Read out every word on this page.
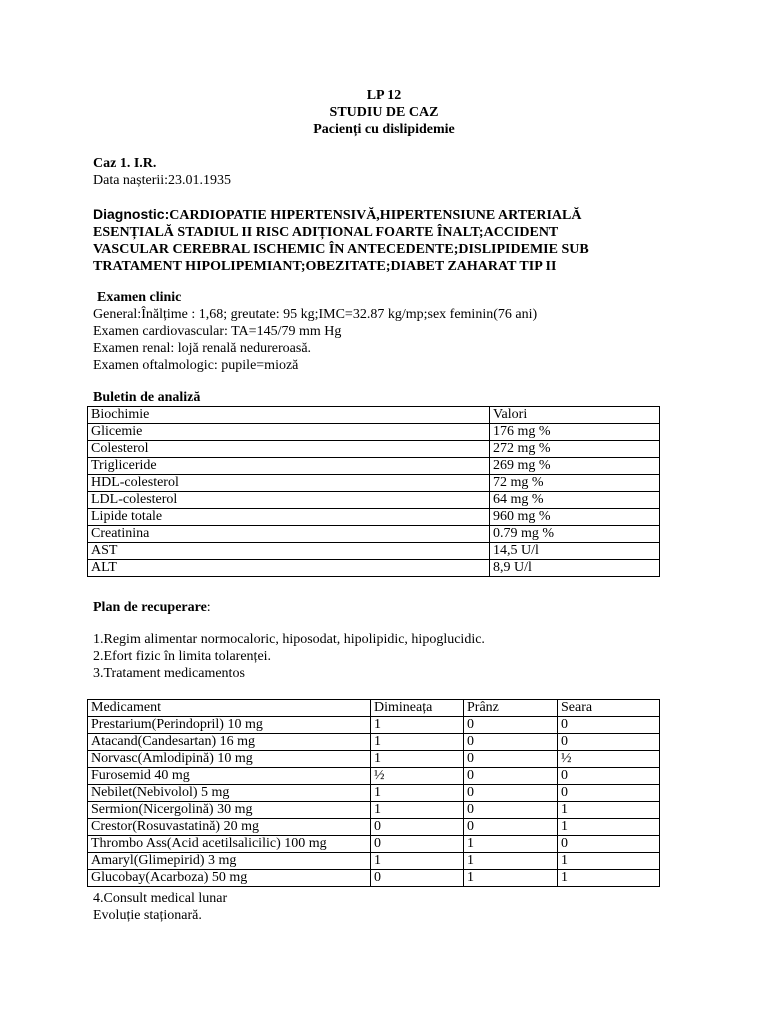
LP 12
STUDIU DE CAZ
Pacienți cu dislipidemie
Caz 1. I.R.
Data nașterii:23.01.1935
Diagnostic:CARDIOPATIE HIPERTENSIVĂ,HIPERTENSIUNE ARTERIALĂ
ESENȚIALĂ STADIUL II RISC ADIȚIONAL FOARTE ÎNALT;ACCIDENT
VASCULAR CEREBRAL ISCHEMIC ÎN ANTECEDENTE;DISLIPIDEMIE SUB
TRATAMENT HIPOLIPEMIANT;OBEZITATE;DIABET ZAHARAT TIP II
Examen clinic
General:Înălțime : 1,68; greutate: 95 kg;IMC=32.87 kg/mp;sex feminin(76 ani)
Examen cardiovascular: TA=145/79 mm Hg
Examen renal: lojă renală nedureroasă.
Examen oftalmologic: pupile=mioză
Buletin de analiză
Biochimie	Valori
Glicemie	176 mg %
Colesterol	272 mg %
Trigliceride	269 mg %
HDL-colesterol	72 mg %
LDL-colesterol	64 mg %
Lipide totale	960 mg %
Creatinina	0.79 mg %
AST	14,5 U/l
ALT	8,9 U/l
Plan de recuperare:
1.Regim alimentar normocaloric, hiposodat, hipolipidic, hipoglucidic.
2.Efort fizic în limita tolarenței.
3.Tratament medicamentos
Medicament	Dimineața	Prânz	Seara
Prestarium(Perindopril) 10 mg	1	0	0
Atacand(Candesartan) 16 mg	1	0	0
Norvasc(Amlodipină) 10 mg	1	0	½
Furosemid 40 mg	½	0	0
Nebilet(Nebivolol) 5 mg	1	0	0
Sermion(Nicergolină) 30 mg	1	0	1
Crestor(Rosuvastatină) 20 mg	0	0	1
Thrombo Ass(Acid acetilsalicilic) 100 mg	0	1	0
Amaryl(Glimepirid) 3 mg	1	1	1
Glucobay(Acarboza) 50 mg	0	1	1
4.Consult medical lunar
Evoluție staționară.
